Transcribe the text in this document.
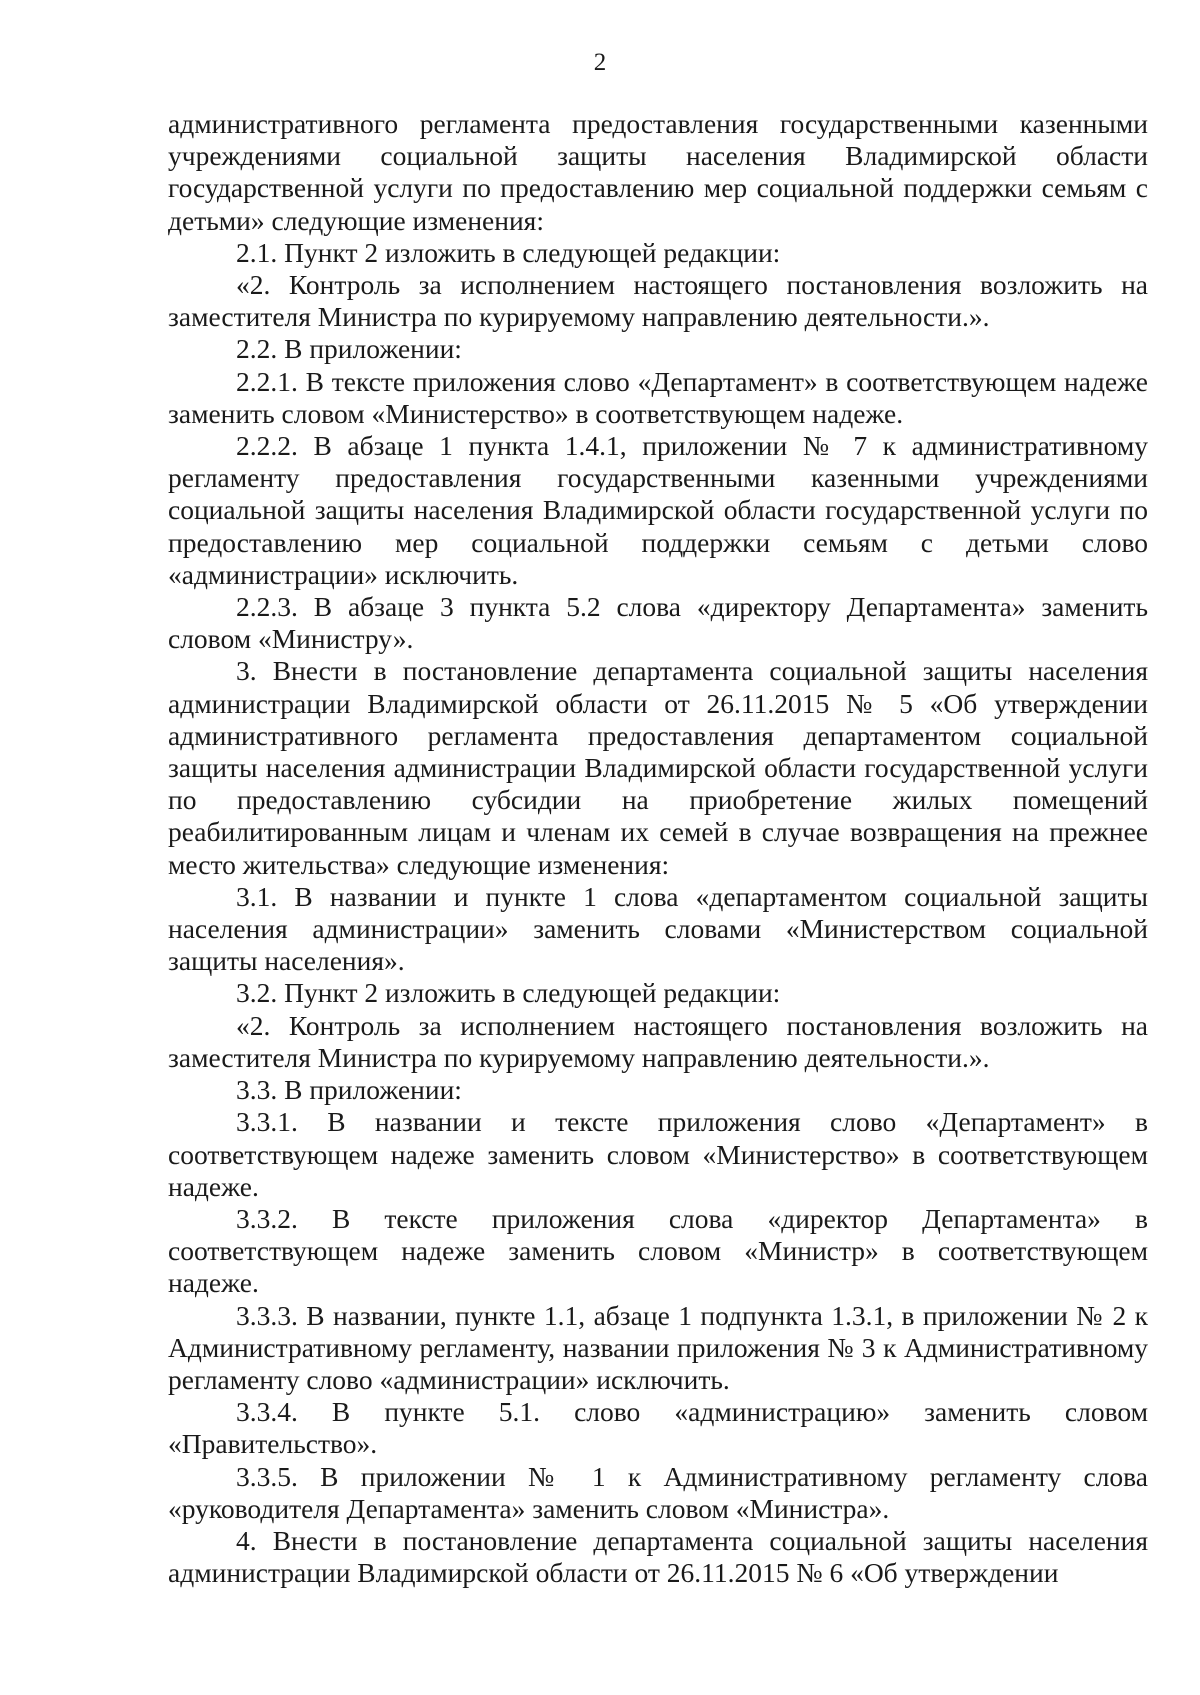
2

административного регламента предоставления государственными казенными учреждениями социальной защиты населения Владимирской области государственной услуги по предоставлению мер социальной поддержки семьям с детьми» следующие изменения:

2.1. Пункт 2 изложить в следующей редакции:

«2. Контроль за исполнением настоящего постановления возложить на заместителя Министра по курируемому направлению деятельности.».

2.2. В приложении:

2.2.1. В тексте приложения слово «Департамент» в соответствующем надеже заменить словом «Министерство» в соответствующем надеже.

2.2.2. В абзаце 1 пункта 1.4.1, приложении № 7 к административному регламенту предоставления государственными казенными учреждениями социальной защиты населения Владимирской области государственной услуги по предоставлению мер социальной поддержки семьям с детьми слово «администрации» исключить.

2.2.3. В абзаце 3 пункта 5.2 слова «директору Департамента» заменить словом «Министру».

3. Внести в постановление департамента социальной защиты населения администрации Владимирской области от 26.11.2015 № 5 «Об утверждении административного регламента предоставления департаментом социальной защиты населения администрации Владимирской области государственной услуги по предоставлению субсидии на приобретение жилых помещений реабилитированным лицам и членам их семей в случае возвращения на прежнее место жительства» следующие изменения:

3.1. В названии и пункте 1 слова «департаментом социальной защиты населения администрации» заменить словами «Министерством социальной защиты населения».

3.2. Пункт 2 изложить в следующей редакции:

«2. Контроль за исполнением настоящего постановления возложить на заместителя Министра по курируемому направлению деятельности.».

3.3. В приложении:

3.3.1. В названии и тексте приложения слово «Департамент» в соответствующем надеже заменить словом «Министерство» в соответствующем надеже.

3.3.2. В тексте приложения слова «директор Департамента» в соответствующем надеже заменить словом «Министр» в соответствующем надеже.

3.3.3. В названии, пункте 1.1, абзаце 1 подпункта 1.3.1, в приложении № 2 к Административному регламенту, названии приложения № 3 к Административному регламенту слово «администрации» исключить.

3.3.4. В пункте 5.1. слово «администрацию» заменить словом «Правительство».

3.3.5. В приложении № 1 к Административному регламенту слова «руководителя Департамента» заменить словом «Министра».

4. Внести в постановление департамента социальной защиты населения администрации Владимирской области от 26.11.2015 № 6 «Об утверждении
